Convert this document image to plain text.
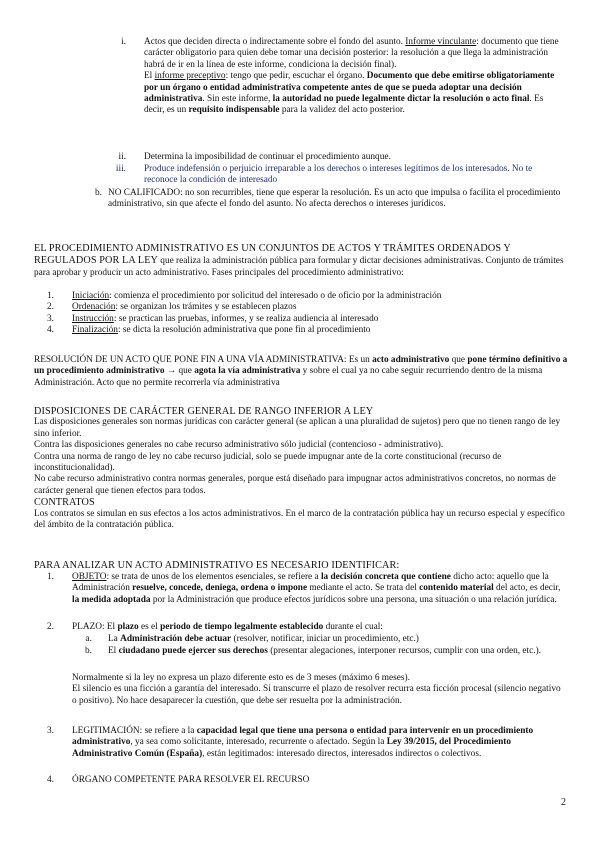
i. Actos que deciden directa o indirectamente sobre el fondo del asunto. Informe vinculante: documento que tiene carácter obligatorio para quien debe tomar una decisión posterior: la resolución a que llega la administración habrá de ir en la línea de este informe, condiciona la decisión final).

El informe preceptivo: tengo que pedir, escuchar el órgano. Documento que debe emitirse obligatoriamente por un órgano o entidad administrativa competente antes de que se pueda adoptar una decisión administrativa. Sin este informe, la autoridad no puede legalmente dictar la resolución o acto final. Es decir, es un requisito indispensable para la validez del acto posterior.

ii. Determina la imposibilidad de continuar el procedimiento aunque.
iii. Produce indefensión o perjuicio irreparable a los derechos o intereses legítimos de los interesados. No te reconoce la condición de interesado
b. NO CALIFICADO: no son recurribles, tiene que esperar la resolución. Es un acto que impulsa o facilita el procedimiento administrativo, sin que afecte el fondo del asunto. No afecta derechos o intereses jurídicos.

EL PROCEDIMIENTO ADMINISTRATIVO ES UN CONJUNTOS DE ACTOS Y TRÁMITES ORDENADOS Y REGULADOS POR LA LEY que realiza la administración pública para formular y dictar decisiones administrativas. Conjunto de trámites para aprobar y producir un acto administrativo. Fases principales del procedimiento administrativo:

1. Iniciación: comienza el procedimiento por solicitud del interesado o de oficio por la administración
2. Ordenación: se organizan los trámites y se establecen plazos
3. Instrucción: se practican las pruebas, informes, y se realiza audiencia al interesado
4. Finalización: se dicta la resolución administrativa que pone fin al procedimiento
RESOLUCIÓN DE UN ACTO QUE PONE FIN A UNA VÍA ADMINISTRATIVA: Es un acto administrativo que pone término definitivo a un procedimiento administrativo → que agota la vía administrativa y sobre el cual ya no cabe seguir recurriendo dentro de la misma Administración. Acto que no permite recorrerla vía administrativa

DISPOSICIONES DE CARÁCTER GENERAL DE RANGO INFERIOR A LEY

Las disposiciones generales son normas jurídicas con carácter general (se aplican a una pluralidad de sujetos) pero que no tienen rango de ley sino inferior.

Contra las disposiciones generales no cabe recurso administrativo sólo judicial (contencioso - administrativo).

Contra una norma de rango de ley no cabe recurso judicial, solo se puede impugnar ante de la corte constitucional (recurso de inconstitucionalidad).

No cabe recurso administrativo contra normas generales, porque está diseñado para impugnar actos administrativos concretos, no normas de carácter general que tienen efectos para todos.

CONTRATOS

Los contratos se simulan en sus efectos a los actos administrativos. En el marco de la contratación pública hay un recurso especial y específico del ámbito de la contratación pública.

PARA ANALIZAR UN ACTO ADMINISTRATIVO ES NECESARIO IDENTIFICAR:

1. OBJETO: se trata de unos de los elementos esenciales, se refiere a la decisión concreta que contiene dicho acto: aquello que la Administración resuelve, concede, deniega, ordena o impone mediante el acto. Se trata del contenido material del acto, es decir, la medida adoptada por la Administración que produce efectos jurídicos sobre una persona, una situación o una relación jurídica.
2. PLAZO: El plazo es el periodo de tiempo legalmente establecido durante el cual:
a. La Administración debe actuar (resolver, notificar, iniciar un procedimiento, etc.)
b. El ciudadano puede ejercer sus derechos (presentar alegaciones, interponer recursos, cumplir con una orden, etc.).

Normalmente si la ley no expresa un plazo diferente esto es de 3 meses (máximo 6 meses).

El silencio es una ficción a garantía del interesado. Si transcurre el plazo de resolver recurra esta ficción procesal (silencio negativo o positivo). No hace desaparecer la cuestión, que debe ser resuelta por la administración.

3. LEGITIMACIÓN: se refiere a la capacidad legal que tiene una persona o entidad para intervenir en un procedimiento administrativo, ya sea como solicitante, interesado, recurrente o afectado. Según la Ley 39/2015, del Procedimiento Administrativo Común (España), están legitimados: interesado directos, interesados indirectos o colectivos.
4. ÓRGANO COMPETENTE PARA RESOLVER EL RECURSO
2
